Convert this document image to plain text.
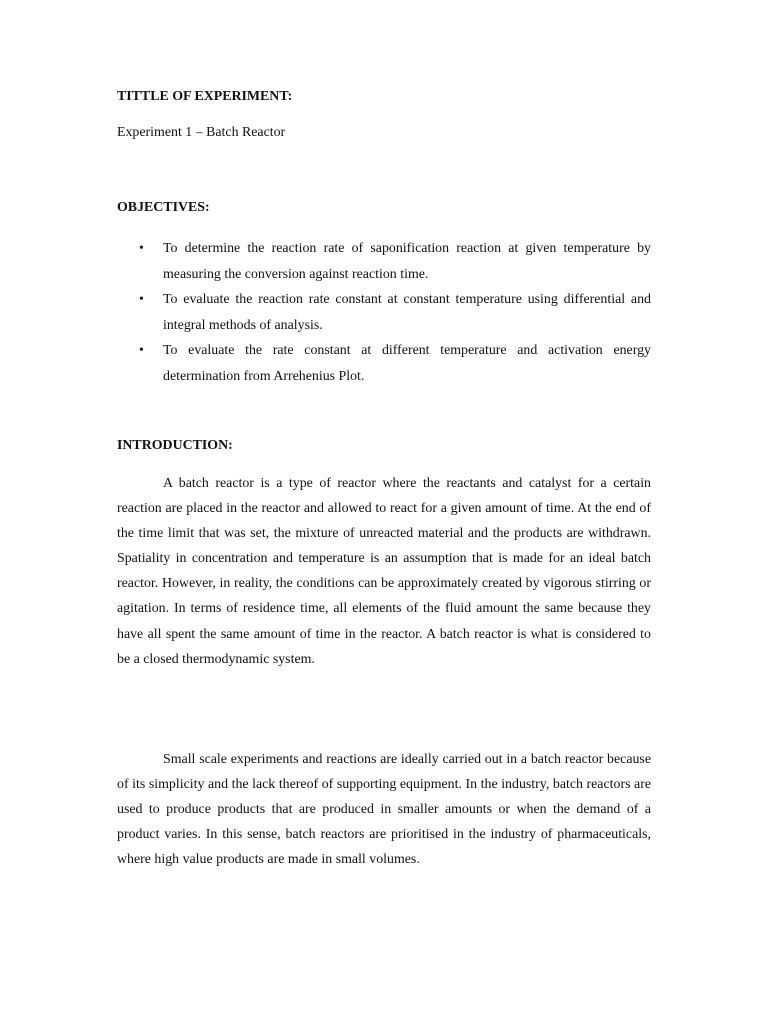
TITTLE OF EXPERIMENT:

Experiment 1 – Batch Reactor

OBJECTIVES:

• To determine the reaction rate of saponification reaction at given temperature by measuring the conversion against reaction time.
• To evaluate the reaction rate constant at constant temperature using differential and integral methods of analysis.
• To evaluate the rate constant at different temperature and activation energy determination from Arrehenius Plot.

INTRODUCTION:

A batch reactor is a type of reactor where the reactants and catalyst for a certain reaction are placed in the reactor and allowed to react for a given amount of time. At the end of the time limit that was set, the mixture of unreacted material and the products are withdrawn. Spatiality in concentration and temperature is an assumption that is made for an ideal batch reactor. However, in reality, the conditions can be approximately created by vigorous stirring or agitation. In terms of residence time, all elements of the fluid amount the same because they have all spent the same amount of time in the reactor. A batch reactor is what is considered to be a closed thermodynamic system.

Small scale experiments and reactions are ideally carried out in a batch reactor because of its simplicity and the lack thereof of supporting equipment. In the industry, batch reactors are used to produce products that are produced in smaller amounts or when the demand of a product varies. In this sense, batch reactors are prioritised in the industry of pharmaceuticals, where high value products are made in small volumes.
